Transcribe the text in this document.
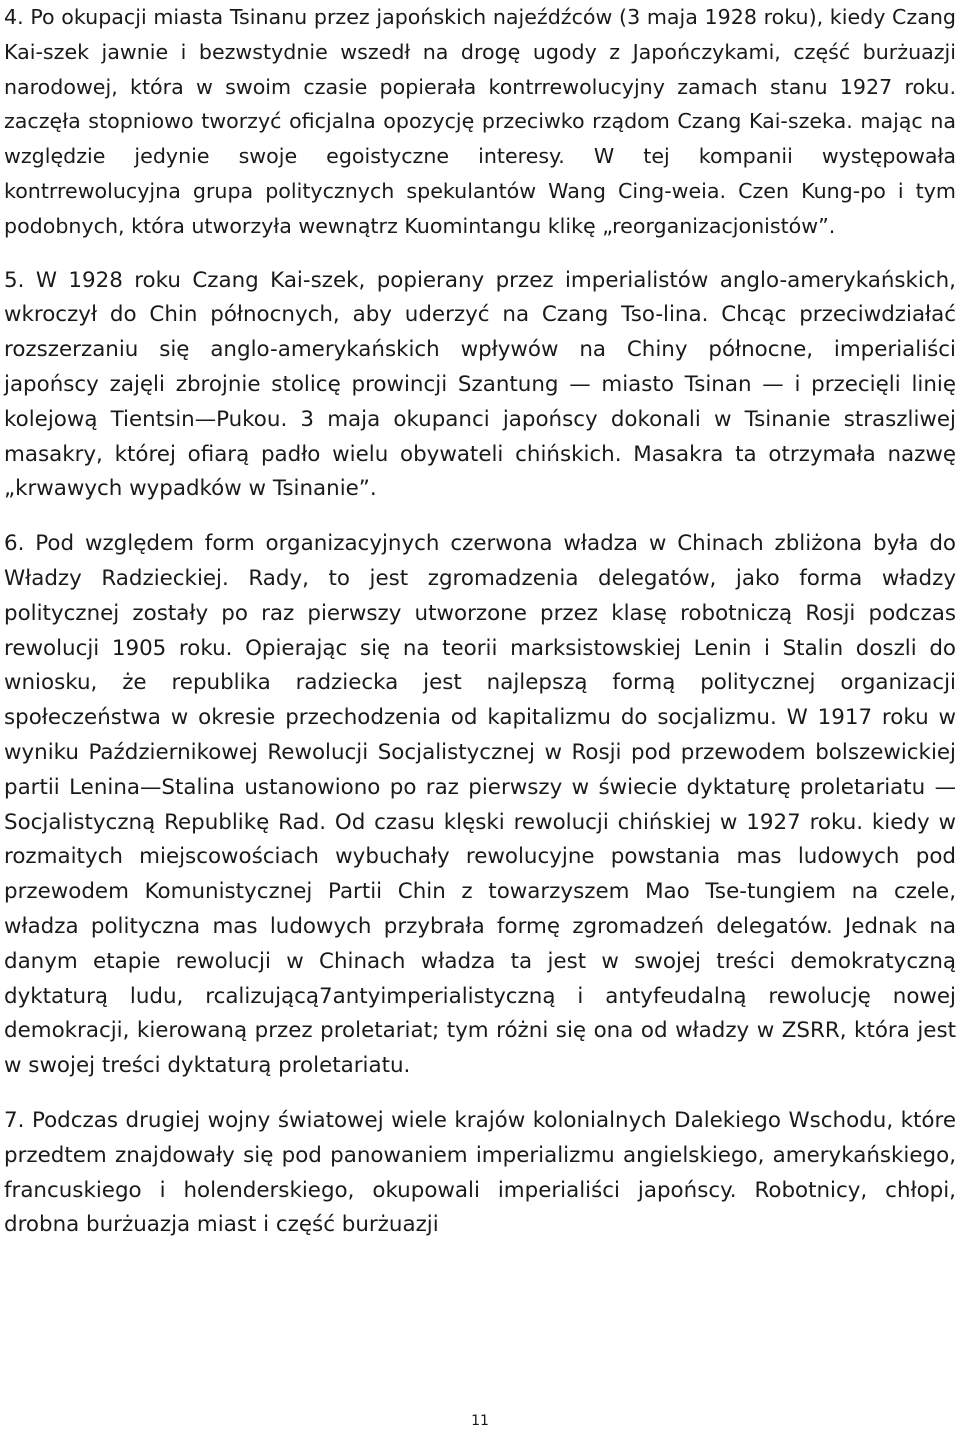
4. Po okupacji miasta Tsinanu przez japońskich najeźdźców (3 maja 1928 roku), kiedy Czang Kai-szek jawnie i bezwstydnie wszedł na drogę ugody z Japończykami, część burżuazji narodowej, która w swoim czasie popierała kontrrewolucyjny zamach stanu 1927 roku. zaczęła stopniowo tworzyć oficjalna opozycję przeciwko rządom Czang Kai-szeka. mając na względzie jedynie swoje egoistyczne interesy. W tej kompanii występowała kontrrewolucyjna grupa politycznych spekulantów Wang Cing-weia. Czen Kung-po i tym podobnych, która utworzyła wewnątrz Kuomintangu klikę „reorganizacjonistów”.

5. W 1928 roku Czang Kai-szek, popierany przez imperialistów anglo-amerykańskich, wkroczył do Chin północnych, aby uderzyć na Czang Tso-lina. Chcąc przeciwdziałać rozszerzaniu się anglo-amerykańskich wpływów na Chiny północne, imperialiści japońscy zajęli zbrojnie stolicę prowincji Szantung — miasto Tsinan — i przecięli linię kolejową Tientsin—Pukou. 3 maja okupanci japońscy dokonali w Tsinanie straszliwej masakry, której ofiarą padło wielu obywateli chińskich. Masakra ta otrzymała nazwę „krwawych wypadków w Tsinanie”.

6. Pod względem form organizacyjnych czerwona władza w Chinach zbliżona była do Władzy Radzieckiej. Rady, to jest zgromadzenia delegatów, jako forma władzy politycznej zostały po raz pierwszy utworzone przez klasę robotniczą Rosji podczas rewolucji 1905 roku. Opierając się na teorii marksistowskiej Lenin i Stalin doszli do wniosku, że republika radziecka jest najlepszą formą politycznej organizacji społeczeństwa w okresie przechodzenia od kapitalizmu do socjalizmu. W 1917 roku w wyniku Październikowej Rewolucji Socjalistycznej w Rosji pod przewodem bolszewickiej partii Lenina—Stalina ustanowiono po raz pierwszy w świecie dyktaturę proletariatu — Socjalistyczną Republikę Rad. Od czasu klęski rewolucji chińskiej w 1927 roku. kiedy w rozmaitych miejscowościach wybuchały rewolucyjne powstania mas ludowych pod przewodem Komunistycznej Partii Chin z towarzyszem Mao Tse-tungiem na czele, władza polityczna mas ludowych przybrała formę zgromadzeń delegatów. Jednak na danym etapie rewolucji w Chinach władza ta jest w swojej treści demokratyczną dyktaturą ludu, rcalizującą7antyimperialistyczną i antyfeudalną rewolucję nowej demokracji, kierowaną przez proletariat; tym różni się ona od władzy w ZSRR, która jest w swojej treści dyktaturą proletariatu.

7. Podczas drugiej wojny światowej wiele krajów kolonialnych Dalekiego Wschodu, które przedtem znajdowały się pod panowaniem imperializmu angielskiego, amerykańskiego, francuskiego i holenderskiego, okupowali imperialiści japońscy. Robotnicy, chłopi, drobna burżuazja miast i część burżuazji

11
